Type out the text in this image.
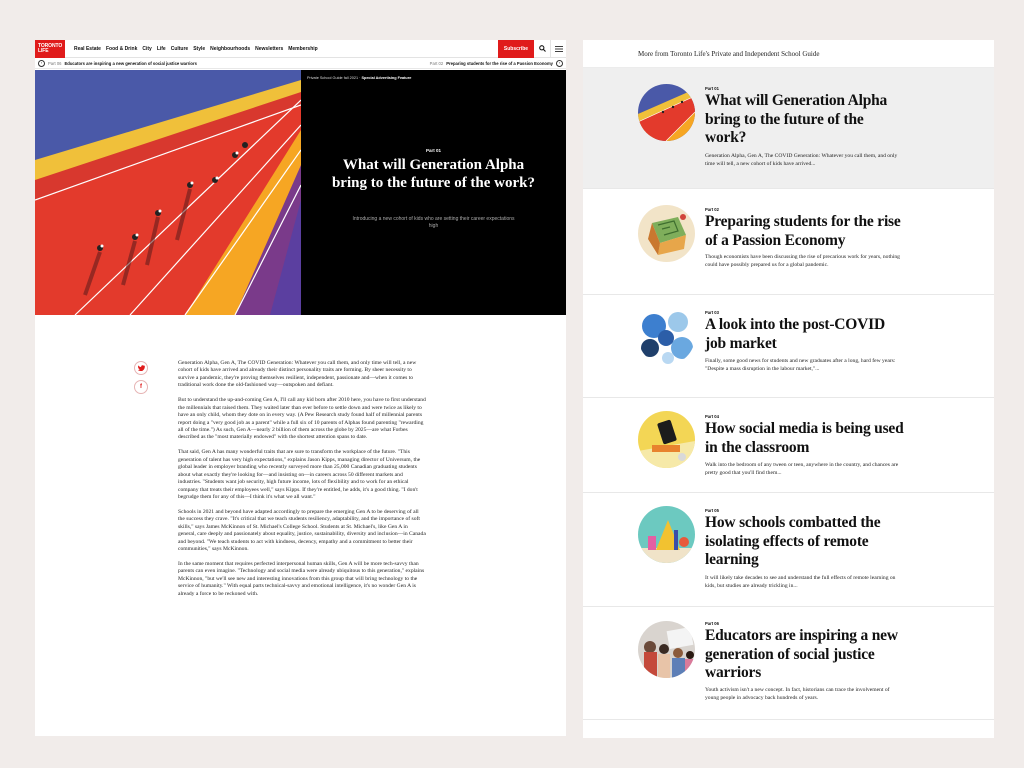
TORONTO LIFE	Real Estate Food & Drink City Life Culture Style Neighbourhoods Newsletters Membership	Subscribe
‹	Part 06 Educators are inspiring a new generation of social justice warriors	Part 02 Preparing students for the rise of a Passion Economy	›
Private School Guide fall 2021 · Special Advertising Feature
Part 01
What will Generation Alpha bring to the future of the work?
Introducing a new cohort of kids who are setting their career expectations high
f

Generation Alpha, Gen A, The COVID Generation: Whatever you call them, and only time will tell, a new cohort of kids have arrived and already their distinct personality traits are forming. By sheer necessity to survive a pandemic, they're proving themselves resilient, independent, passionate and—when it comes to traditional work done the old-fashioned way—outspoken and defiant.

But to understand the up-and-coming Gen A, I'll call any kid born after 2010 here, you have to first understand the millennials that raised them. They waited later than ever before to settle down and were twice as likely to have an only child, whom they dote on in every way. (A Pew Research study found half of millennial parents report doing a "very good job as a parent" while a full six of 10 parents of Alphas found parenting "rewarding all of the time.") As such, Gen A—nearly 2 billion of them across the globe by 2025—are what Forbes described as the "most materially endowed" with the shortest attention spans to date.

That said, Gen A has many wonderful traits that are sure to transform the workplace of the future. "This generation of talent has very high expectations," explains Jason Kipps, managing director of Universum, the global leader in employer branding who recently surveyed more than 25,000 Canadian graduating students about what exactly they're looking for—and insisting on—in careers across 50 different markets and industries. "Students want job security, high future income, lots of flexibility and to work for an ethical company that treats their employees well," says Kipps. If they're entitled, he adds, it's a good thing. "I don't begrudge them for any of this—I think it's what we all want."

Schools in 2021 and beyond have adapted accordingly to prepare the emerging Gen A to be deserving of all the success they crave. "It's critical that we teach students resiliency, adaptability, and the importance of soft skills," says James McKinnon of St. Michael's College School. Students at St. Michael's, like Gen A in general, care deeply and passionately about equality, justice, sustainability, diversity and inclusion—in Canada and beyond. "We teach students to act with kindness, decency, empathy and a commitment to better their communities," says McKinnon.

In the same moment that requires perfected interpersonal human skills, Gen A will be more tech-savvy than parents can even imagine. "Technology and social media were already ubiquitous to this generation," explains McKinnon, "but we'll see new and interesting innovations from this group that will bring technology to the service of humanity." With equal parts technical-savvy and emotional intelligence, it's no wonder Gen A is already a force to be reckoned with.

More from Toronto Life's Private and Independent School Guide
Part 01
What will Generation Alpha bring to the future of the work?
Generation Alpha, Gen A, The COVID Generation: Whatever you call them, and only time will tell, a new cohort of kids have arrived...
Part 02
Preparing students for the rise of a Passion Economy
Though economists have been discussing the rise of precarious work for years, nothing could have possibly prepared us for a global pandemic.
Part 03
A look into the post-COVID job market
Finally, some good news for students and new graduates after a long, hard few years: "Despite a mass disruption in the labour market,"...
Part 04
How social media is being used in the classroom
Walk into the bedroom of any tween or teen, anywhere in the country, and chances are pretty good that you'll find them...
Part 05
How schools combatted the isolating effects of remote learning
It will likely take decades to see and understand the full effects of remote learning on kids, but studies are already trickling in...
Part 06
Educators are inspiring a new generation of social justice warriors
Youth activism isn't a new concept. In fact, historians can trace the involvement of young people in advocacy back hundreds of years.
